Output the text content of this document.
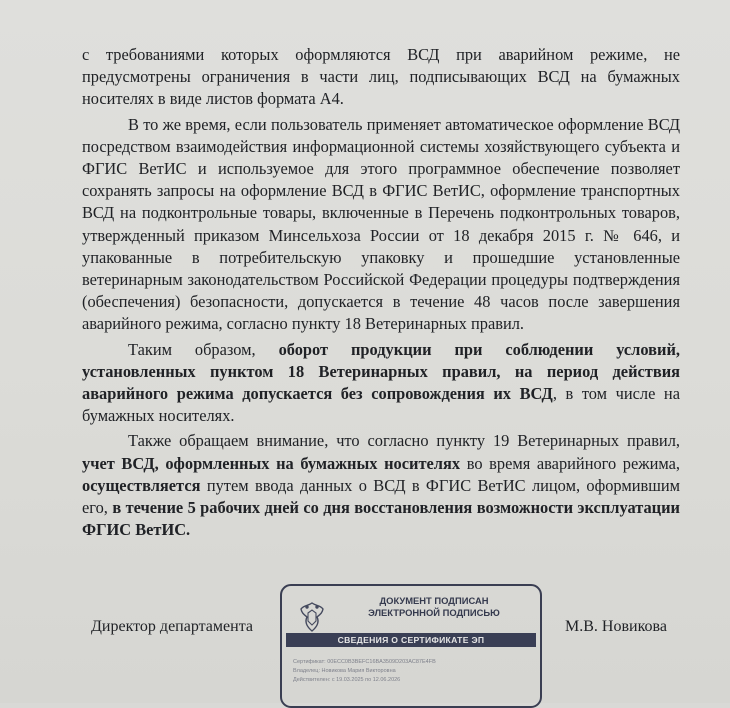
с требованиями которых оформляются ВСД при аварийном режиме, не предусмотрены ограничения в части лиц, подписывающих ВСД на бумажных носителях в виде листов формата А4.

В то же время, если пользователь применяет автоматическое оформление ВСД посредством взаимодействия информационной системы хозяйствующего субъекта и ФГИС ВетИС и используемое для этого программное обеспечение позволяет сохранять запросы на оформление ВСД в ФГИС ВетИС, оформление транспортных ВСД на подконтрольные товары, включенные в Перечень подконтрольных товаров, утвержденный приказом Минсельхоза России от 18 декабря 2015 г. № 646, и упакованные в потребительскую упаковку и прошедшие установленные ветеринарным законодательством Российской Федерации процедуры подтверждения (обеспечения) безопасности, допускается в течение 48 часов после завершения аварийного режима, согласно пункту 18 Ветеринарных правил.

Таким образом, оборот продукции при соблюдении условий, установленных пунктом 18 Ветеринарных правил, на период действия аварийного режима допускается без сопровождения их ВСД, в том числе на бумажных носителях.

Также обращаем внимание, что согласно пункту 19 Ветеринарных правил, учет ВСД, оформленных на бумажных носителях во время аварийного режима, осуществляется путем ввода данных о ВСД в ФГИС ВетИС лицом, оформившим его, в течение 5 рабочих дней со дня восстановления возможности эксплуатации ФГИС ВетИС.

Директор департамента	М.В. Новикова
ДОКУМЕНТ ПОДПИСАН
ЭЛЕКТРОННОЙ ПОДПИСЬЮ
СВЕДЕНИЯ О СЕРТИФИКАТЕ ЭП
Сертификат: 00ECC0B3BEFC16BA3509D203AC87E4FB
Владелец: Новикова Мария Викторовна
Действителен: с 19.03.2025 по 12.06.2026
